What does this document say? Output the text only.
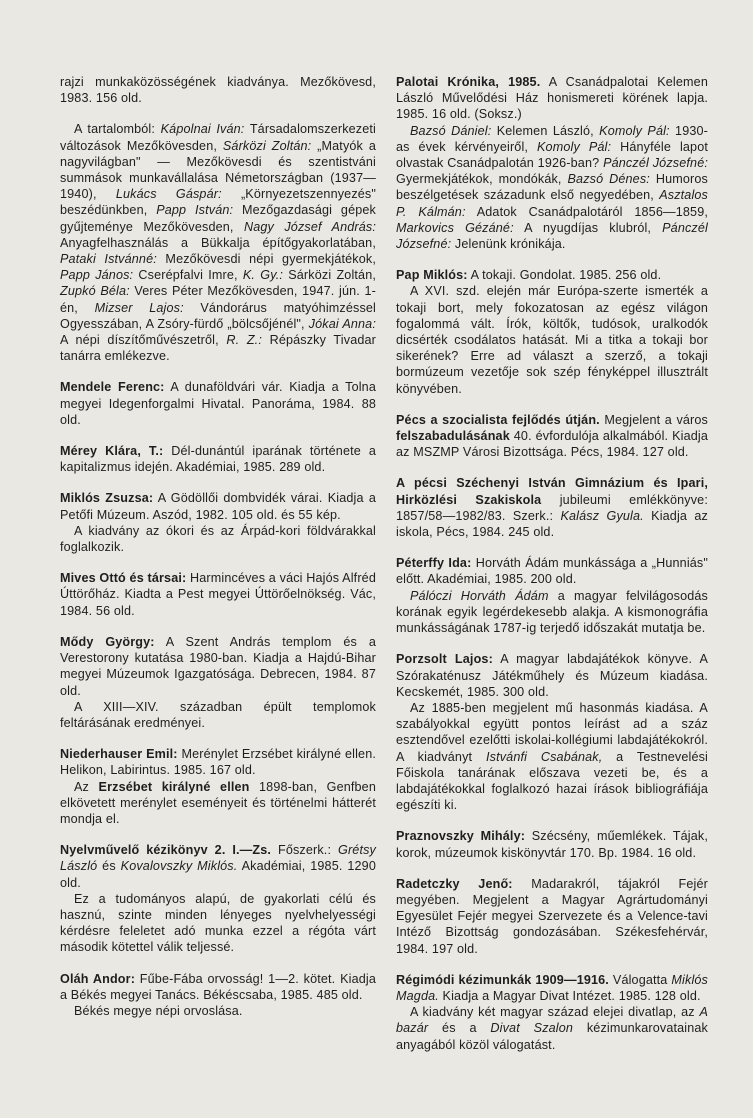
rajzi munkaközösségének kiadványa. Mezőkövesd, 1983. 156 old.

A tartalomból: Kápolnai Iván: Társadalomszerkezeti változások Mezőkövesden, Sárközi Zoltán: „Matyók a nagyvilágban" — Mezőkövesdi és szentistváni summások munkavállalása Németországban (1937—1940), Lukács Gáspár: „Környezetszennyezés" beszédünkben, Papp István: Mezőgazdasági gépek gyűjteménye Mezőkövesden, Nagy József András: Anyagfelhasználás a Bükkalja építőgyakorlatában, Pataki Istvánné: Mezőkövesdi népi gyermekjátékok, Papp János: Cserépfalvi Imre, K. Gy.: Sárközi Zoltán, Zupkó Béla: Veres Péter Mezőkövesden, 1947. jún. 1-én, Mizser Lajos: Vándorárus matyóhimzéssel Ogyesszában, A Zsóry-fürdő „bölcsőjénél", Jókai Anna: A népi díszítőművészetről, R. Z.: Répászky Tivadar tanárra emlékezve.

Mendele Ferenc: A dunaföldvári vár. Kiadja a Tolna megyei Idegenforgalmi Hivatal. Panoráma, 1984. 88 old.

Mérey Klára, T.: Dél-dunántúl iparának története a kapitalizmus idején. Akadémiai, 1985. 289 old.

Miklós Zsuzsa: A Gödöllői dombvidék várai. Kiadja a Petőfi Múzeum. Aszód, 1982. 105 old. és 55 kép.

A kiadvány az ókori és az Árpád-kori földvárakkal foglalkozik.

Mives Ottó és társai: Harmincéves a váci Hajós Alfréd Úttörőház. Kiadta a Pest megyei Úttörőelnökség. Vác, 1984. 56 old.

Mődy György: A Szent András templom és a Verestorony kutatása 1980-ban. Kiadja a Hajdú-Bihar megyei Múzeumok Igazgatósága. Debrecen, 1984. 87 old.

A XIII—XIV. században épült templomok feltárásának eredményei.

Niederhauser Emil: Merénylet Erzsébet királyné ellen. Helikon, Labirintus. 1985. 167 old.

Az Erzsébet királyné ellen 1898-ban, Genfben elkövetett merénylet eseményeit és történelmi hátterét mondja el.

Nyelvművelő kézikönyv 2. I.—Zs. Főszerk.: Grétsy László és Kovalovszky Miklós. Akadémiai, 1985. 1290 old.

Ez a tudományos alapú, de gyakorlati célú és hasznú, szinte minden lényeges nyelvhelyességi kérdésre feleletet adó munka ezzel a régóta várt második kötettel válik teljessé.

Oláh Andor: Fűbe-Fába orvosság! 1—2. kötet. Kiadja a Békés megyei Tanács. Békéscsaba, 1985. 485 old.

Békés megye népi orvoslása.

Palotai Krónika, 1985. A Csanádpalotai Kelemen László Művelődési Ház honismereti körének lapja. 1985. 16 old. (Soksz.)

Bazsó Dániel: Kelemen László, Komoly Pál: 1930-as évek kérvényeiről, Komoly Pál: Hányféle lapot olvastak Csanádpalotán 1926-ban? Pánczél Józsefné: Gyermekjátékok, mondókák, Bazsó Dénes: Humoros beszélgetések századunk első negyedében, Asztalos P. Kálmán: Adatok Csanádpalotáról 1856—1859, Markovics Gézáné: A nyugdíjas klubról, Pánczél Józsefné: Jelenünk krónikája.

Pap Miklós: A tokaji. Gondolat. 1985. 256 old.

A XVI. szd. elején már Európa-szerte ismerték a tokaji bort, mely fokozatosan az egész világon fogalommá vált. Írók, költők, tudósok, uralkodók dicsérték csodálatos hatását. Mi a titka a tokaji bor sikerének? Erre ad választ a szerző, a tokaji bormúzeum vezetője sok szép fényképpel illusztrált könyvében.

Pécs a szocialista fejlődés útján. Megjelent a város felszabadulásának 40. évfordulója alkalmából. Kiadja az MSZMP Városi Bizottsága. Pécs, 1984. 127 old.

A pécsi Széchenyi István Gimnázium és Ipari, Hirközlési Szakiskola jubileumi emlékkönyve: 1857/58—1982/83. Szerk.: Kalász Gyula. Kiadja az iskola, Pécs, 1984. 245 old.

Péterffy Ida: Horváth Ádám munkássága a „Hunniás" előtt. Akadémiai, 1985. 200 old.

Pálóczi Horváth Ádám a magyar felvilágosodás korának egyik legérdekesebb alakja. A kismonográfia munkásságának 1787-ig terjedő időszakát mutatja be.

Porzsolt Lajos: A magyar labdajátékok könyve. A Szórakaténusz Játékműhely és Múzeum kiadása. Kecskemét, 1985. 300 old.

Az 1885-ben megjelent mű hasonmás kiadása. A szabályokkal együtt pontos leírást ad a száz esztendővel ezelőtti iskolai-kollégiumi labdajátékokról. A kiadványt Istvánfi Csabának, a Testnevelési Főiskola tanárának előszava vezeti be, és a labdajátékokkal foglalkozó hazai írások bibliográfiája egészíti ki.

Praznovszky Mihály: Szécsény, műemlékek. Tájak, korok, múzeumok kiskönyvtár 170. Bp. 1984. 16 old.

Radetczky Jenő: Madarakról, tájakról Fejér megyében. Megjelent a Magyar Agrártudományi Egyesület Fejér megyei Szervezete és a Velence-tavi Intéző Bizottság gondozásában. Székesfehérvár, 1984. 197 old.

Régimódi kézimunkák 1909—1916. Válogatta Miklós Magda. Kiadja a Magyar Divat Intézet. 1985. 128 old.

A kiadvány két magyar század elejei divatlap, az A bazár és a Divat Szalon kézimunkarovatainak anyagából közöl válogatást.
